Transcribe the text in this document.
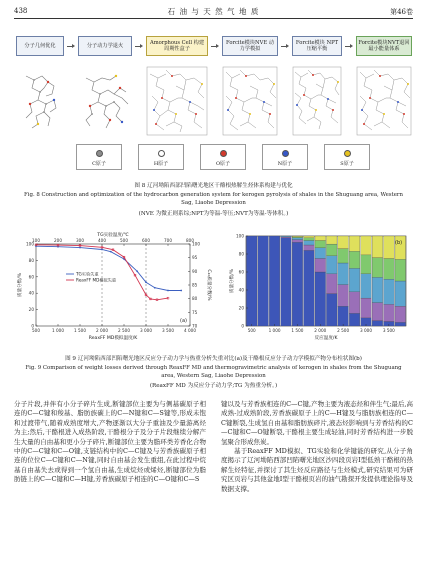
438	石 油 与 天 然 气 地 质	第46卷
分子几何优化	分子动力学退火
Amorphous Cell 构建周期性盒子
Forcite模块NVE 动力学模拟
Forcite模块 NPT压缩平衡
Forcite模块NVT退回 最小能量体系
C原子	H原子	O原子	N原子	S原子
图 8 辽河坳陷西部凹陷曙光地区干酪根热解生烃体系构建与优化
Fig. 8 Construction and optimization of the hydrocarbon generation system for kerogen pyrolysis of shales in the Shuguang area, Western
Sag, Liaohe Depression
(NVE 为微正则系综;NPT为等温-等压;NVT为等温-等体积。)
500	1 000 1 500 2 000 2 500 3 000 3 500 4 000
100	200	300	400	500	600	700	800
0
20
40
60
80
100
70
75
80
85
90
95
100
TG实验温度/℃
ReaxFF MD模拟温度/K
质量分数/%	C₁₀质量分数/%
TG实验失重
ReaxFF MD模拟失重
(a)
0
20
40
60
80
100
500	1 000	1 500	2 000	2 500	3 000	3 500
反应温度/K
质量分数/%
(b)
图 9 辽河坳陷西部凹陷曙光地区反应分子动力学与热重分析失重对比(a)及干酪根反应分子动力学模拟产物分布柱状图(b)
Fig. 9 Comparison of weight losses derived through ReaxFF MD and thermogravimetric analysis of kerogen in shales from the Shuguang
area, Western Sag, Liaohe Depression
(ReaxFF MD 为反应分子动力学;TG 为热重分析。)

分子片段,并伴有小分子碎片生成,断键部位主要为与侧基碳原子相连的C—C键和羧基、脂肪族碳上的C—N键和C—S键等,形成未饱和过渡带气,随着成熟度增大,产物逐渐以大分子重油及少量游离烃为主;然后,干酪根进入成热阶段,干酪根分子及分子片段继续分解产生大量的自由基和更小分子碎片,断键部位主要为脂环类芳香化合物中的C—C键和C—O键,支链结构中的C—C键及与芳香族碳原子相连的位位C—C键和C—N键,同时自由基会发生重组,在此过程中烷基自由基失去或得到一个氢自由基,生成烷烃或烯烃,断键部位为脂肪链上的C—C键和C—H键,芳香族碳原子相连的C—O键和C—S

键以及与芳香族相连的C—C键,产物主要为液态烃和伴生气;最后,高成熟-过成熟阶段,芳香族碳原子上的C—H键及与脂肪族相连的C—C键断裂,生成氢自由基和脂肪族碎片,液态烃影响到与芳香结构的C—C键和C—O键断裂,干酪根主要生成轻油,同时芳香结构进一步脱氢聚合形成焦炭。

基于ReaxFF MD模拟、TG实验和化学键能的研究,从分子角度揭示了辽河坳陷西部凹陷曙光地区沙四段页岩Ⅰ型低熟干酪根的热解生烃特征,并探讨了其生烃反应路径与生烃模式,研究结果可为研究区页岩与其他盆地Ⅰ型干酪根页岩的油气勘探开发提供理论指导及数据支撑。
